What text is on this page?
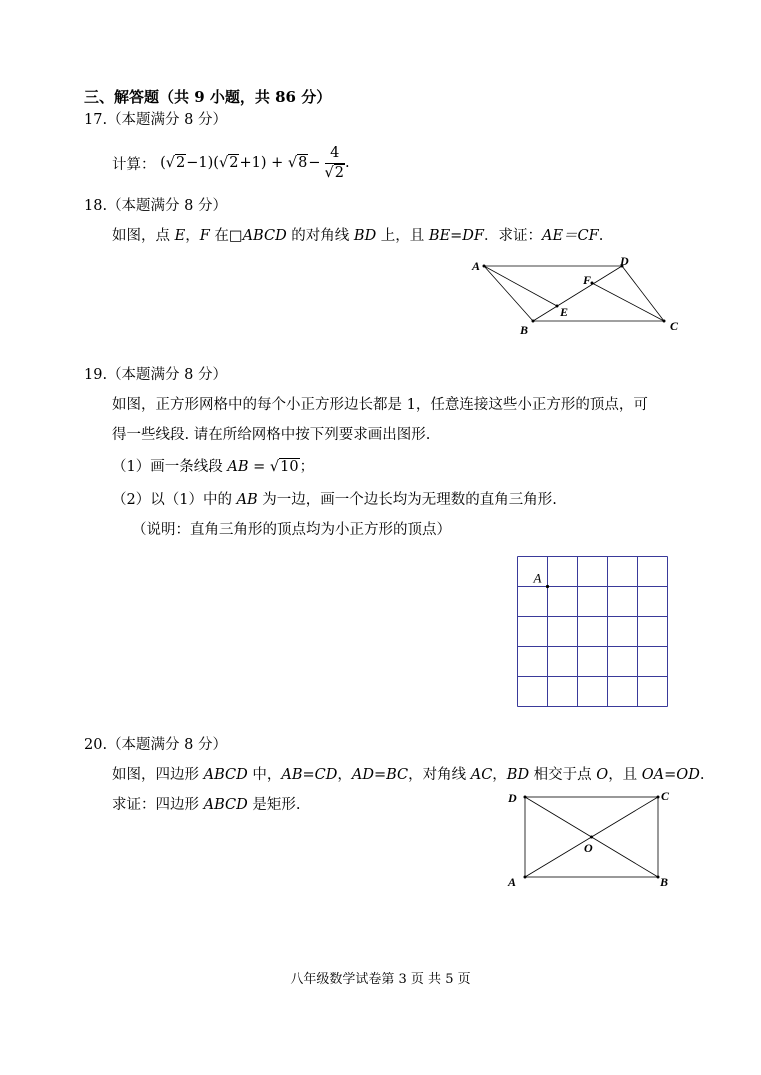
三、解答题（共 9 小题，共 86 分）
17.（本题满分 8 分）
计算： ( √2 −1)( $√2 +1) + √8 - \frac{4}{√2}$ .
18.（本题满分 8 分）
如图，点 E，F 在□ABCD 的对角线 BD 上，且 BE=DF．求证：AE＝CF.
A	D
C
B
E
F
19.（本题满分 8 分）
如图，正方形网格中的每个小正方形边长都是 1，任意连接这些小正方形的顶点，可
得一些线段. 请在所给网格中按下列要求画出图形.
（1）画一条线段 AB = √10；
（2）以（1）中的 AB 为一边，画一个边长均为无理数的直角三角形.
（说明：直角三角形的顶点均为小正方形的顶点）
A
20.（本题满分 8 分）
如图，四边形 ABCD 中，AB=CD，AD=BC，对角线 AC，BD 相交于点 O，且 OA=OD.
求证：四边形 ABCD 是矩形.	D	C
A	B
O
八年级数学试卷第 3 页 共 5 页
